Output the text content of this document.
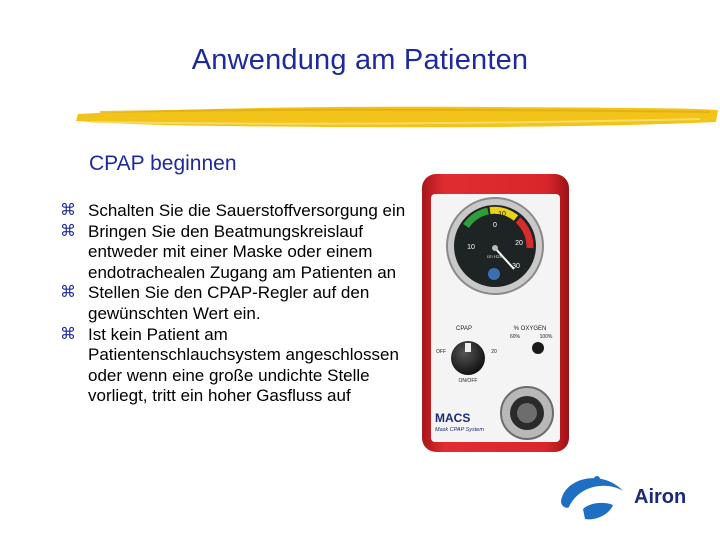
Anwendung am Patienten
CPAP beginnen
⌘ Schalten Sie die Sauerstoffversorgung ein
⌘ Bringen Sie den Beatmungskreislauf entweder mit einer Maske oder einem endotrachealen Zugang am Patienten an
⌘ Stellen Sie den CPAP-Regler auf den gewünschten Wert ein.
⌘ Ist kein Patient am Patientenschlauchsystem angeschlossen oder wenn eine große undichte Stelle vorliegt, tritt ein hoher Gasfluss auf
0
10
20
30
10
cm H2O
CPAP	% OXYGEN
60%	100%
OFF	20
ON/OFF
MACS
Mask CPAP System
Airon
